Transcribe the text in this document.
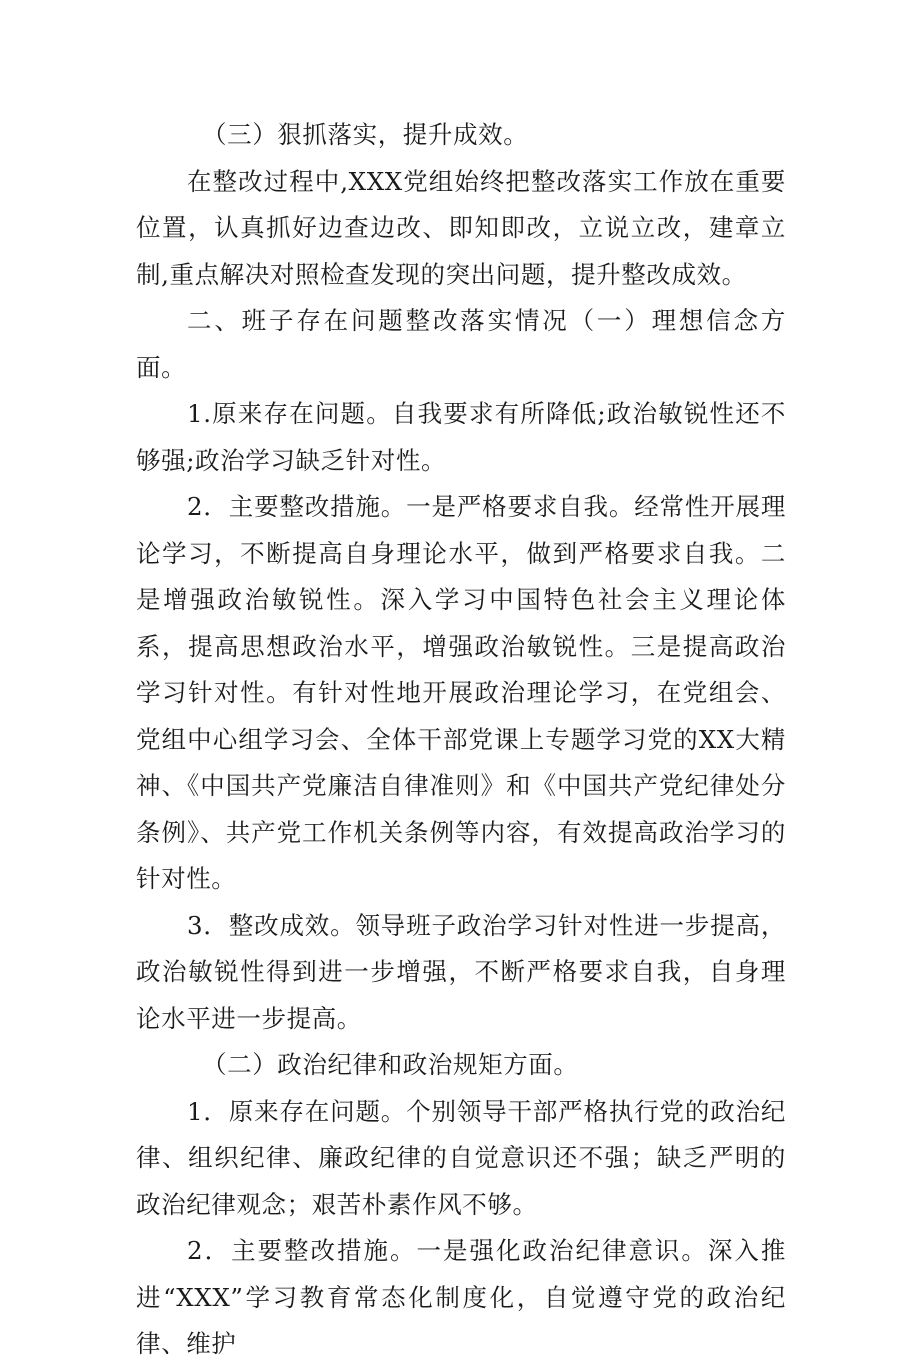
（三）狠抓落实，提升成效。

在整改过程中,XXX党组始终把整改落实工作放在重要位置，认真抓好边查边改、即知即改，立说立改，建章立制,重点解决对照检查发现的突出问题，提升整改成效。

二、班子存在问题整改落实情况（一）理想信念方面。

1.原来存在问题。自我要求有所降低;政治敏锐性还不够强;政治学习缺乏针对性。

2．主要整改措施。一是严格要求自我。经常性开展理论学习，不断提高自身理论水平，做到严格要求自我。二是增强政治敏锐性。深入学习中国特色社会主义理论体系，提高思想政治水平，增强政治敏锐性。三是提高政治学习针对性。有针对性地开展政治理论学习，在党组会、党组中心组学习会、全体干部党课上专题学习党的XX大精神、《中国共产党廉洁自律准则》和《中国共产党纪律处分条例》、共产党工作机关条例等内容，有效提高政治学习的针对性。

3．整改成效。领导班子政治学习针对性进一步提高，政治敏锐性得到进一步增强，不断严格要求自我，自身理论水平进一步提高。

（二）政治纪律和政治规矩方面。

1．原来存在问题。个别领导干部严格执行党的政治纪律、组织纪律、廉政纪律的自觉意识还不强；缺乏严明的政治纪律观念；艰苦朴素作风不够。

2．主要整改措施。一是强化政治纪律意识。深入推进“XXX”学习教育常态化制度化，自觉遵守党的政治纪律、维护
